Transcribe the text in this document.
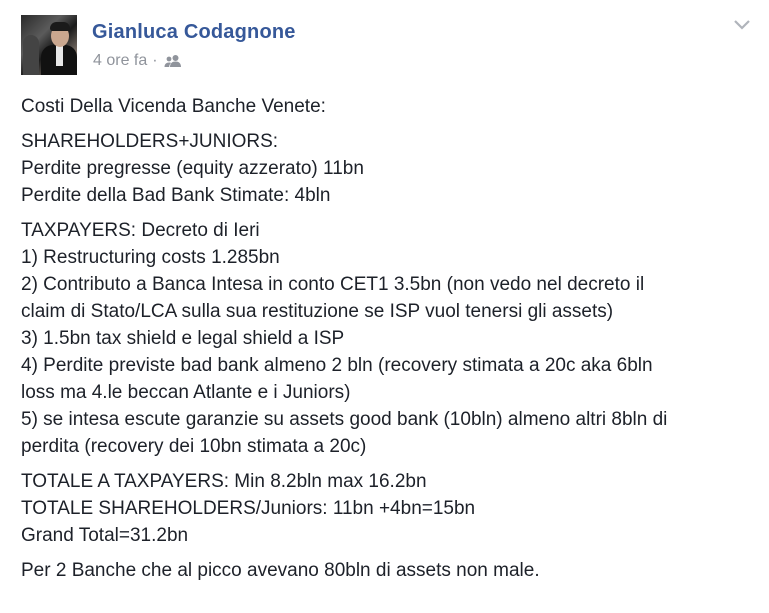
Gianluca Codagnone
4 ore fa ·

Costi Della Vicenda Banche Venete:

SHAREHOLDERS+JUNIORS:
Perdite pregresse (equity azzerato) 11bn
Perdite della Bad Bank Stimate: 4bln

TAXPAYERS: Decreto di Ieri
1) Restructuring costs 1.285bn
2) Contributo a Banca Intesa in conto CET1 3.5bn (non vedo nel decreto il
claim di Stato/LCA sulla sua restituzione se ISP vuol tenersi gli assets)
3) 1.5bn tax shield e legal shield a ISP
4) Perdite previste bad bank almeno 2 bln (recovery stimata a 20c aka 6bln
loss ma 4.le beccan Atlante e i Juniors)
5) se intesa escute garanzie su assets good bank (10bln) almeno altri 8bln di
perdita (recovery dei 10bn stimata a 20c)

TOTALE A TAXPAYERS: Min 8.2bln max 16.2bn
TOTALE SHAREHOLDERS/Juniors: 11bn +4bn=15bn
Grand Total=31.2bn

Per 2 Banche che al picco avevano 80bln di assets non male.
